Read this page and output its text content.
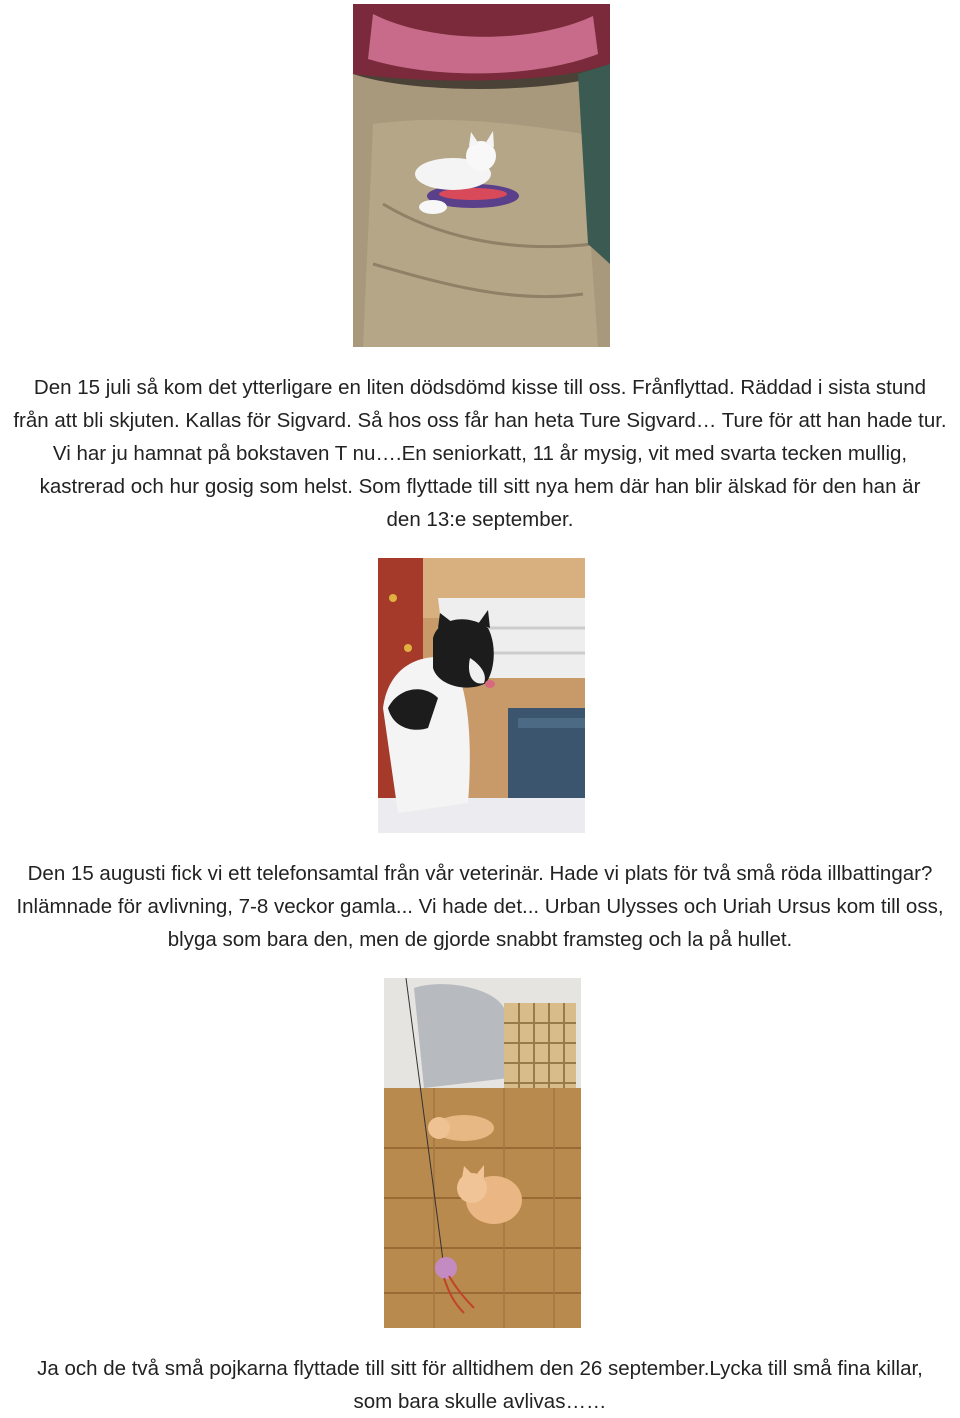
Den 15 juli så kom det ytterligare en liten dödsdömd kisse till oss. Frånflyttad. Räddad i sista stund
från att bli skjuten. Kallas för Sigvard. Så hos oss får han heta Ture Sigvard… Ture för att han hade tur.
Vi har ju hamnat på bokstaven T nu….En seniorkatt, 11 år mysig, vit med svarta tecken mullig,
kastrerad och hur gosig som helst. Som flyttade till sitt nya hem där han blir älskad för den han är
den 13:e september.
Den 15 augusti fick vi ett telefonsamtal från vår veterinär. Hade vi plats för två små röda illbattingar?
Inlämnade för avlivning, 7-8 veckor gamla... Vi hade det... Urban Ulysses och Uriah Ursus kom till oss,
blyga som bara den, men de gjorde snabbt framsteg och la på hullet.
Ja och de två små pojkarna flyttade till sitt för alltidhem den 26 september.Lycka till små fina killar,
som bara skulle avlivas……
